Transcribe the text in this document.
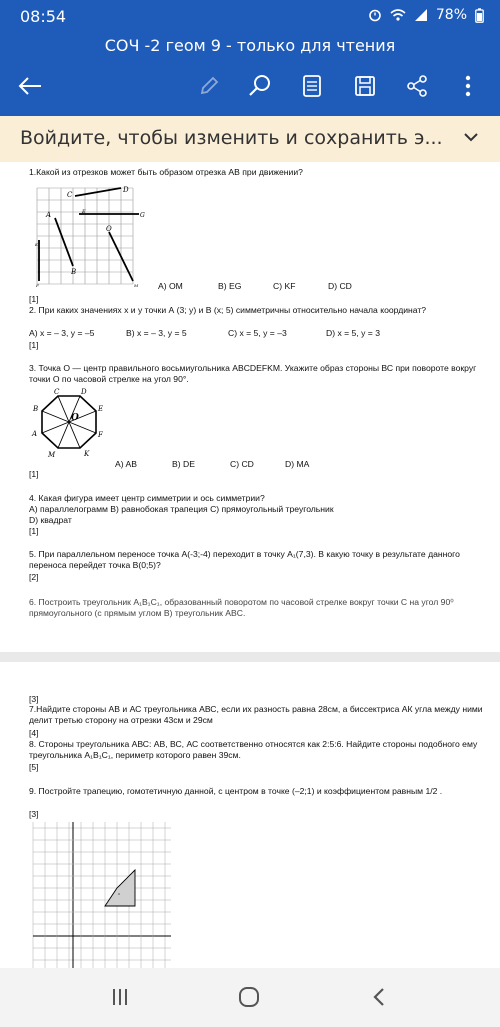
08:54	78%
СОЧ -2 геом 9 - только для чтения
Войдите, чтобы изменить и сохранить э...
1.Какой из отрезков может быть образом отрезка АВ при движении?
C
D
A	E	G
O
K
B
F	M A) OM	B) EG	C) KF	D) CD
[1]
2. При каких значениях x и у точки А (3; у) и В (x; 5) симметричны относительно начала координат?
A) x = – 3, y = –5	B) x = – 3, y = 5	C) x = 5, y = –3	D) x = 5, y = 3
[1]
3. Точка О — центр правильного восьмиугольника ABCDEFKM. Укажите образ стороны ВС при повороте вокруг точки О по часовой стрелке на угол 90°.
C	D
B	E
O
A	F
M	K
A) AB	B) DE	C) CD	D) MA
[1]
4. Какая фигура имеет центр симметрии и ось симметрии?
A) параллелограмм B) равнобокая трапеция C) прямоугольный треугольник
D) квадрат
[1]
5. При параллельном переносе точка А(-3;-4) переходит в точку А₁(7,3). В какую точку в результате данного переноса перейдет точка В(0;5)?
[2]
6. Построить треугольник A₁B₁C₁, образованный поворотом по часовой стрелке вокруг точки С на угол 90⁰ прямоугольного (с прямым углом В) треугольник ABC.
[3]
7.Найдите стороны АВ и АС треугольника АВС, если их разность равна 28см, а биссектриса АК угла между ними делит третью сторону на отрезки 43см и 29см
[4]
8. Стороны треугольника АВС: АВ, ВС, АС соответственно относятся как 2:5:6. Найдите стороны подобного ему треугольника A₁B₁C₁, периметр которого равен 39см.
[5]
9. Постройте трапецию, гомотетичную данной, с центром в точке (–2;1) и коэффициентом равным 1/2 .
[3]
